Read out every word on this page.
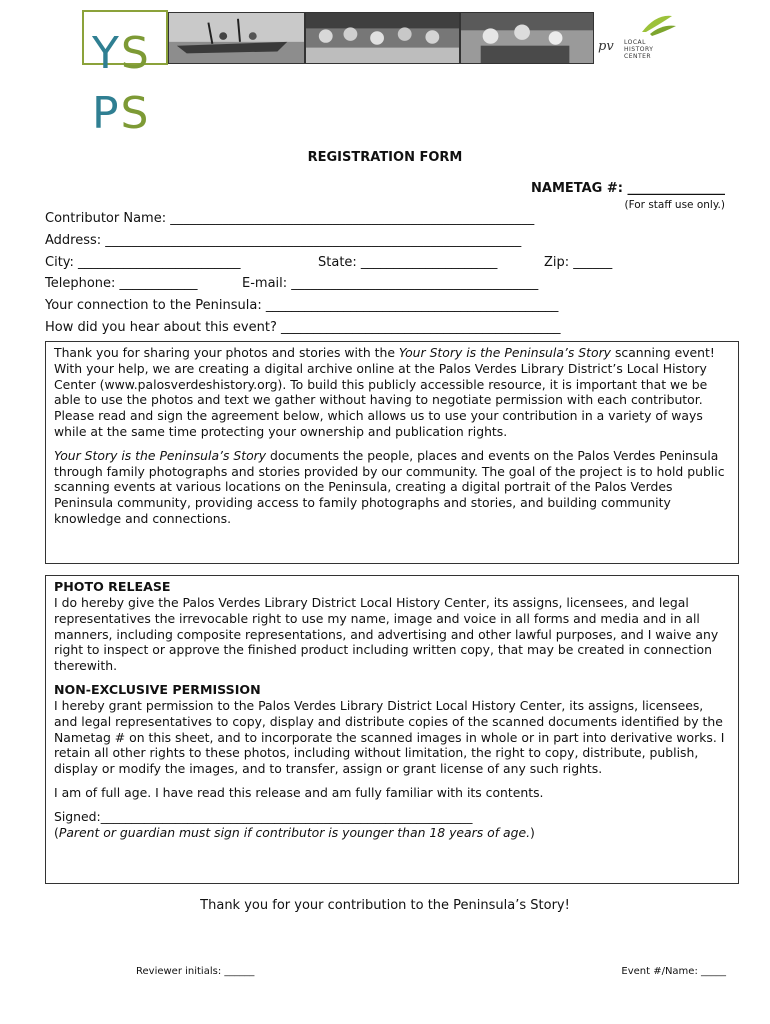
YS
PS
pv LOCAL
HISTORY
CENTER
REGISTRATION FORM
NAMETAG #: _______________
(For staff use only.)
Contributor Name: ________________________________________________________
Address: ________________________________________________________________
City: _________________________	State: _____________________	Zip: ______
Telephone: ____________	E-mail: ______________________________________
Your connection to the Peninsula: _____________________________________________
How did you hear about this event? ___________________________________________

Thank you for sharing your photos and stories with the Your Story is the Peninsula’s Story scanning event! With your help, we are creating a digital archive online at the Palos Verdes Library District’s Local History Center (www.palosverdeshistory.org). To build this publicly accessible resource, it is important that we be able to use the photos and text we gather without having to negotiate permission with each contributor. Please read and sign the agreement below, which allows us to use your contribution in a variety of ways while at the same time protecting your ownership and publication rights.

Your Story is the Peninsula’s Story documents the people, places and events on the Palos Verdes Peninsula through family photographs and stories provided by our community. The goal of the project is to hold public scanning events at various locations on the Peninsula, creating a digital portrait of the Palos Verdes Peninsula community, providing access to family photographs and stories, and building community knowledge and connections.

PHOTO RELEASE

I do hereby give the Palos Verdes Library District Local History Center, its assigns, licensees, and legal representatives the irrevocable right to use my name, image and voice in all forms and media and in all manners, including composite representations, and advertising and other lawful purposes, and I waive any right to inspect or approve the finished product including written copy, that may be created in connection therewith.

NON-EXCLUSIVE PERMISSION

I hereby grant permission to the Palos Verdes Library District Local History Center, its assigns, licensees, and legal representatives to copy, display and distribute copies of the scanned documents identified by the Nametag # on this sheet, and to incorporate the scanned images in whole or in part into derivative works. I retain all other rights to these photos, including without limitation, the right to copy, distribute, publish, display or modify the images, and to transfer, assign or grant license of any such rights.

I am of full age. I have read this release and am fully familiar with its contents.

Signed:____________________________________________________________
(Parent or guardian must sign if contributor is younger than 18 years of age.)

Thank you for your contribution to the Peninsula’s Story!
Reviewer initials: ______	Event #/Name: _____
